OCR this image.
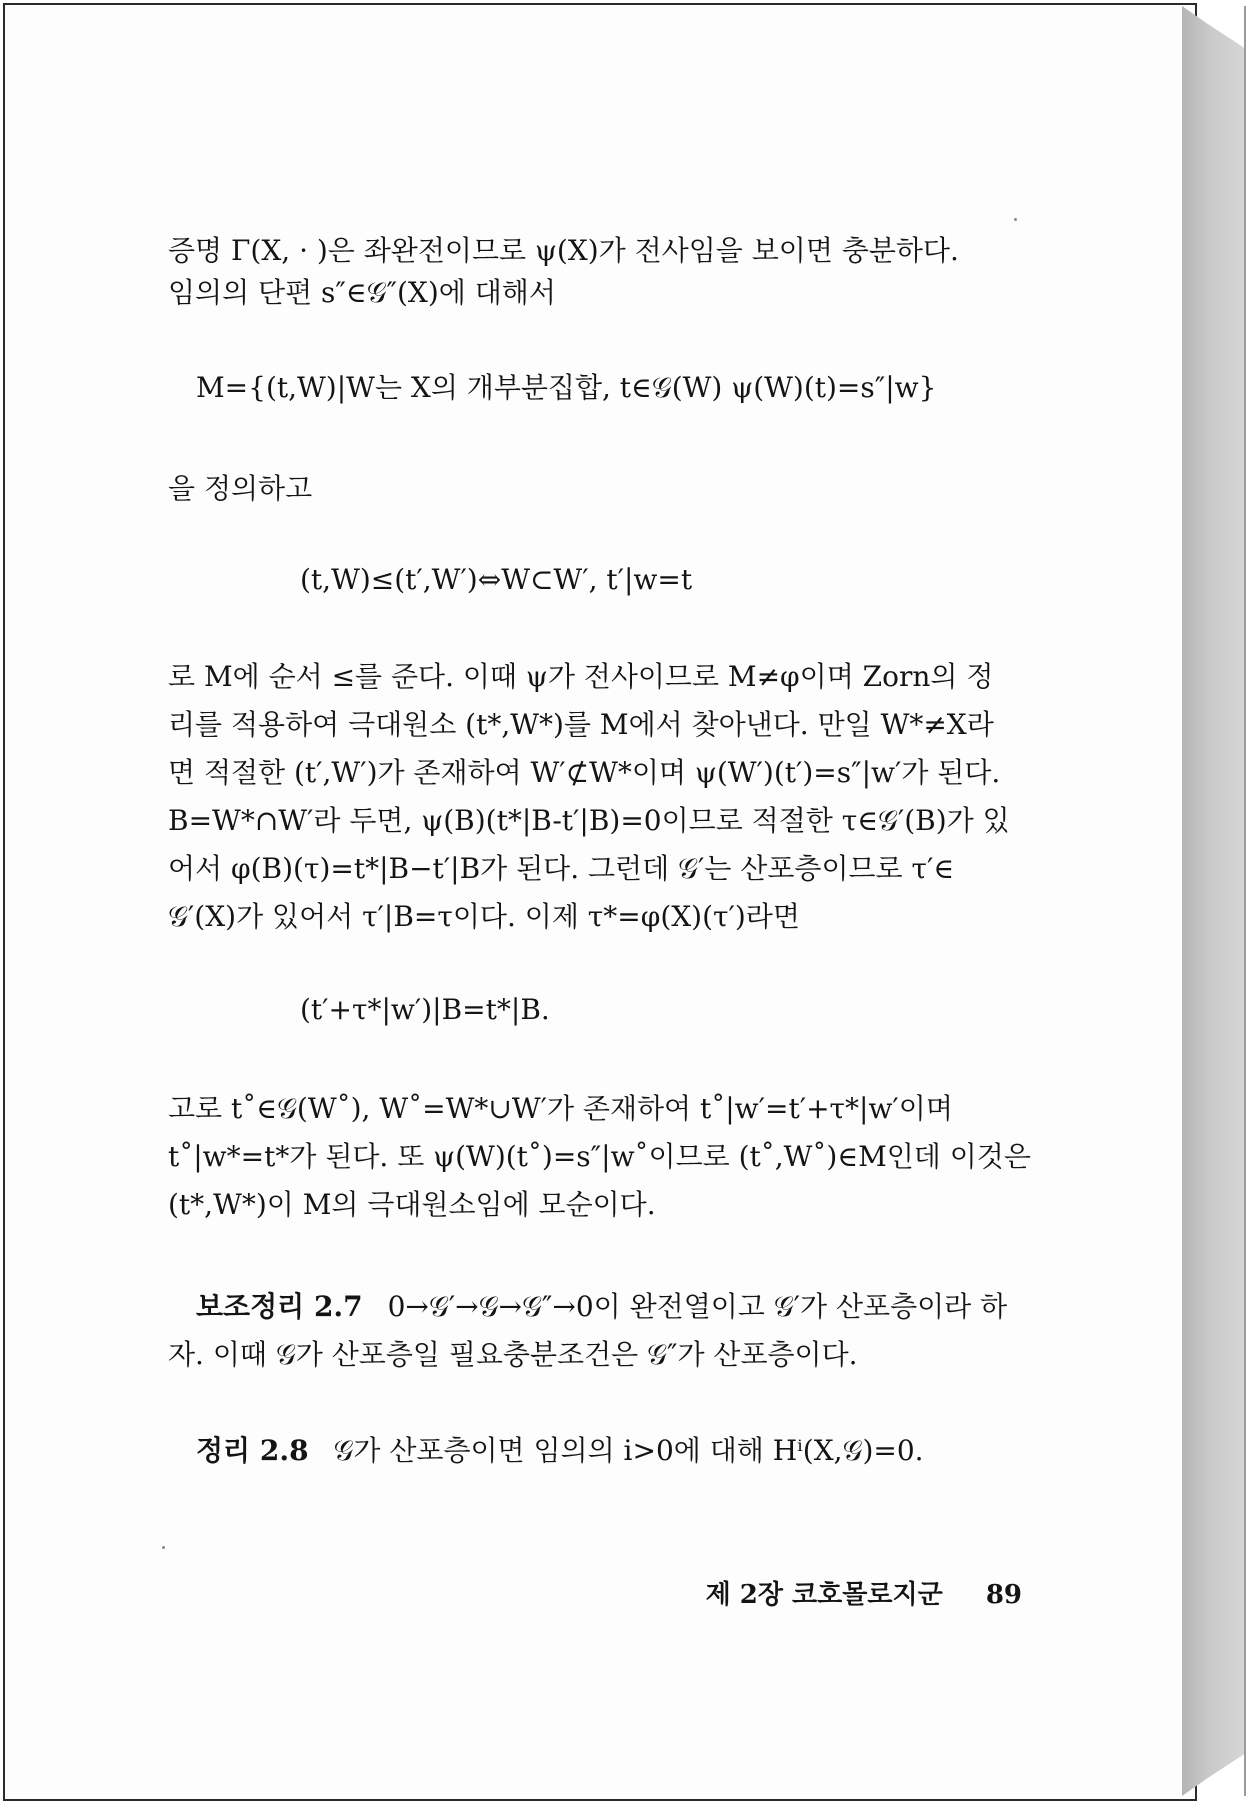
증명 Γ(X, · )은 좌완전이므로 ψ(X)가 전사임을 보이면 충분하다.

임의의 단편 s″∈𝒢″(X)에 대해서

M={(t,W)|W는 X의 개부분집합, t∈𝒢(W) ψ(W)(t)=s″|w}

을 정의하고

(t,W)≤(t′,W′)⇔W⊂W′, t′|w=t

로 M에 순서 ≤를 준다. 이때 ψ가 전사이므로 M≠φ이며 Zorn의 정

리를 적용하여 극대원소 (t*,W*)를 M에서 찾아낸다. 만일 W*≠X라

면 적절한 (t′,W′)가 존재하여 W′⊄W*이며 ψ(W′)(t′)=s″|w′가 된다.

B=W*∩W′라 두면, ψ(B)(t*|B-t′|B)=0이므로 적절한 τ∈𝒢′(B)가 있

어서 φ(B)(τ)=t*|B−t′|B가 된다. 그런데 𝒢′는 산포층이므로 τ′∈

𝒢′(X)가 있어서 τ′|B=τ이다. 이제 τ*=φ(X)(τ′)라면

(t′+τ*|w′)|B=t*|B.

고로 t˚∈𝒢(W˚), W˚=W*∪W′가 존재하여 t˚|w′=t′+τ*|w′이며

t˚|w*=t*가 된다. 또 ψ(W)(t˚)=s″|w˚이므로 (t˚,W˚)∈M인데 이것은

(t*,W*)이 M의 극대원소임에 모순이다.

보조정리 2.7 0→𝒢′→𝒢→𝒢″→0이 완전열이고 𝒢′가 산포층이라 하

자. 이때 𝒢가 산포층일 필요충분조건은 𝒢″가 산포층이다.

정리 2.8 𝒢가 산포층이면 임의의 i>0에 대해 Hⁱ(X,𝒢)=0.

제 2장 코호몰로지군 89
